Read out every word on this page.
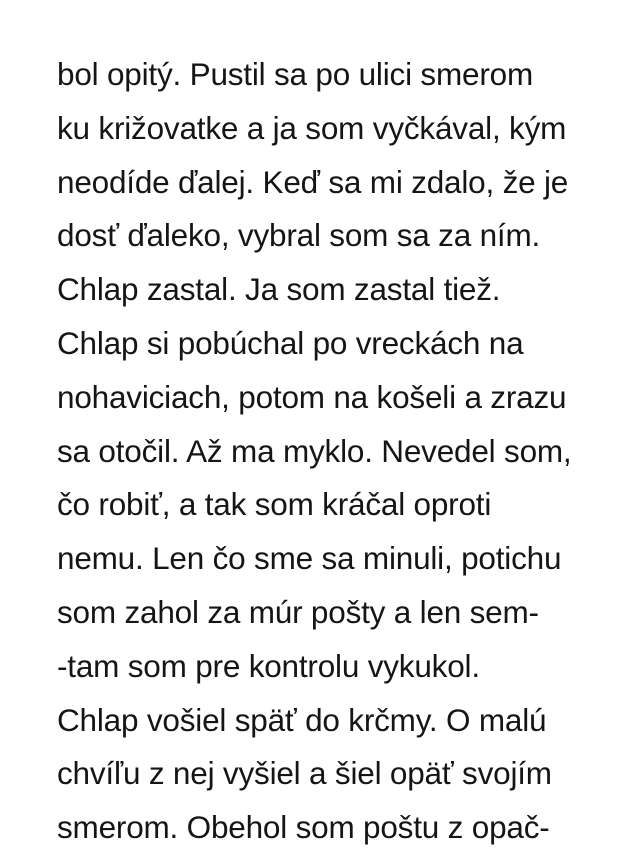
bol opitý. Pustil sa po ulici smerom
ku križovatke a ja som vyčkával, kým
neodíde ďalej. Keď sa mi zdalo, že je
dosť ďaleko, vybral som sa za ním.
Chlap zastal. Ja som zastal tiež.
Chlap si pobúchal po vreckách na
nohaviciach, potom na košeli a zrazu
sa otočil. Až ma myklo. Nevedel som,
čo robiť, a tak som kráčal oproti
nemu. Len čo sme sa minuli, potichu
som zahol za múr pošty a len sem-
-tam som pre kontrolu vykukol.
Chlap vošiel späť do krčmy. O malú
chvíľu z nej vyšiel a šiel opäť svojím
smerom. Obehol som poštu z opač-
